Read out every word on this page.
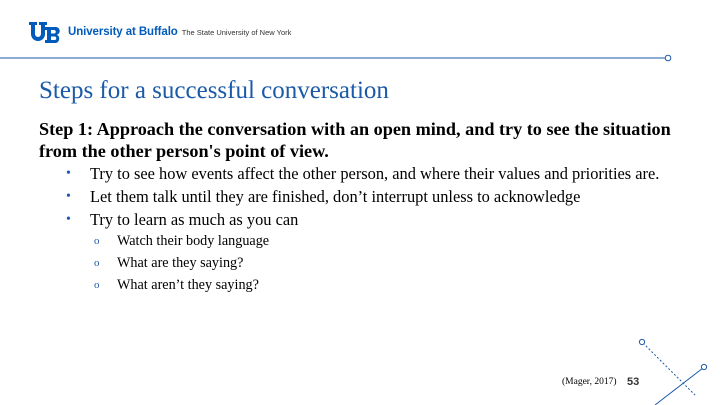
University at Buffalo The State University of New York
Steps for a successful conversation
Step 1: Approach the conversation with an open mind, and try to see the situation from the other person's point of view.
• Try to see how events affect the other person, and where their values and priorities are.
• Let them talk until they are finished, don’t interrupt unless to acknowledge
• Try to learn as much as you can
o Watch their body language
o What are they saying?
o What aren’t they saying?
(Mager, 2017) 53
